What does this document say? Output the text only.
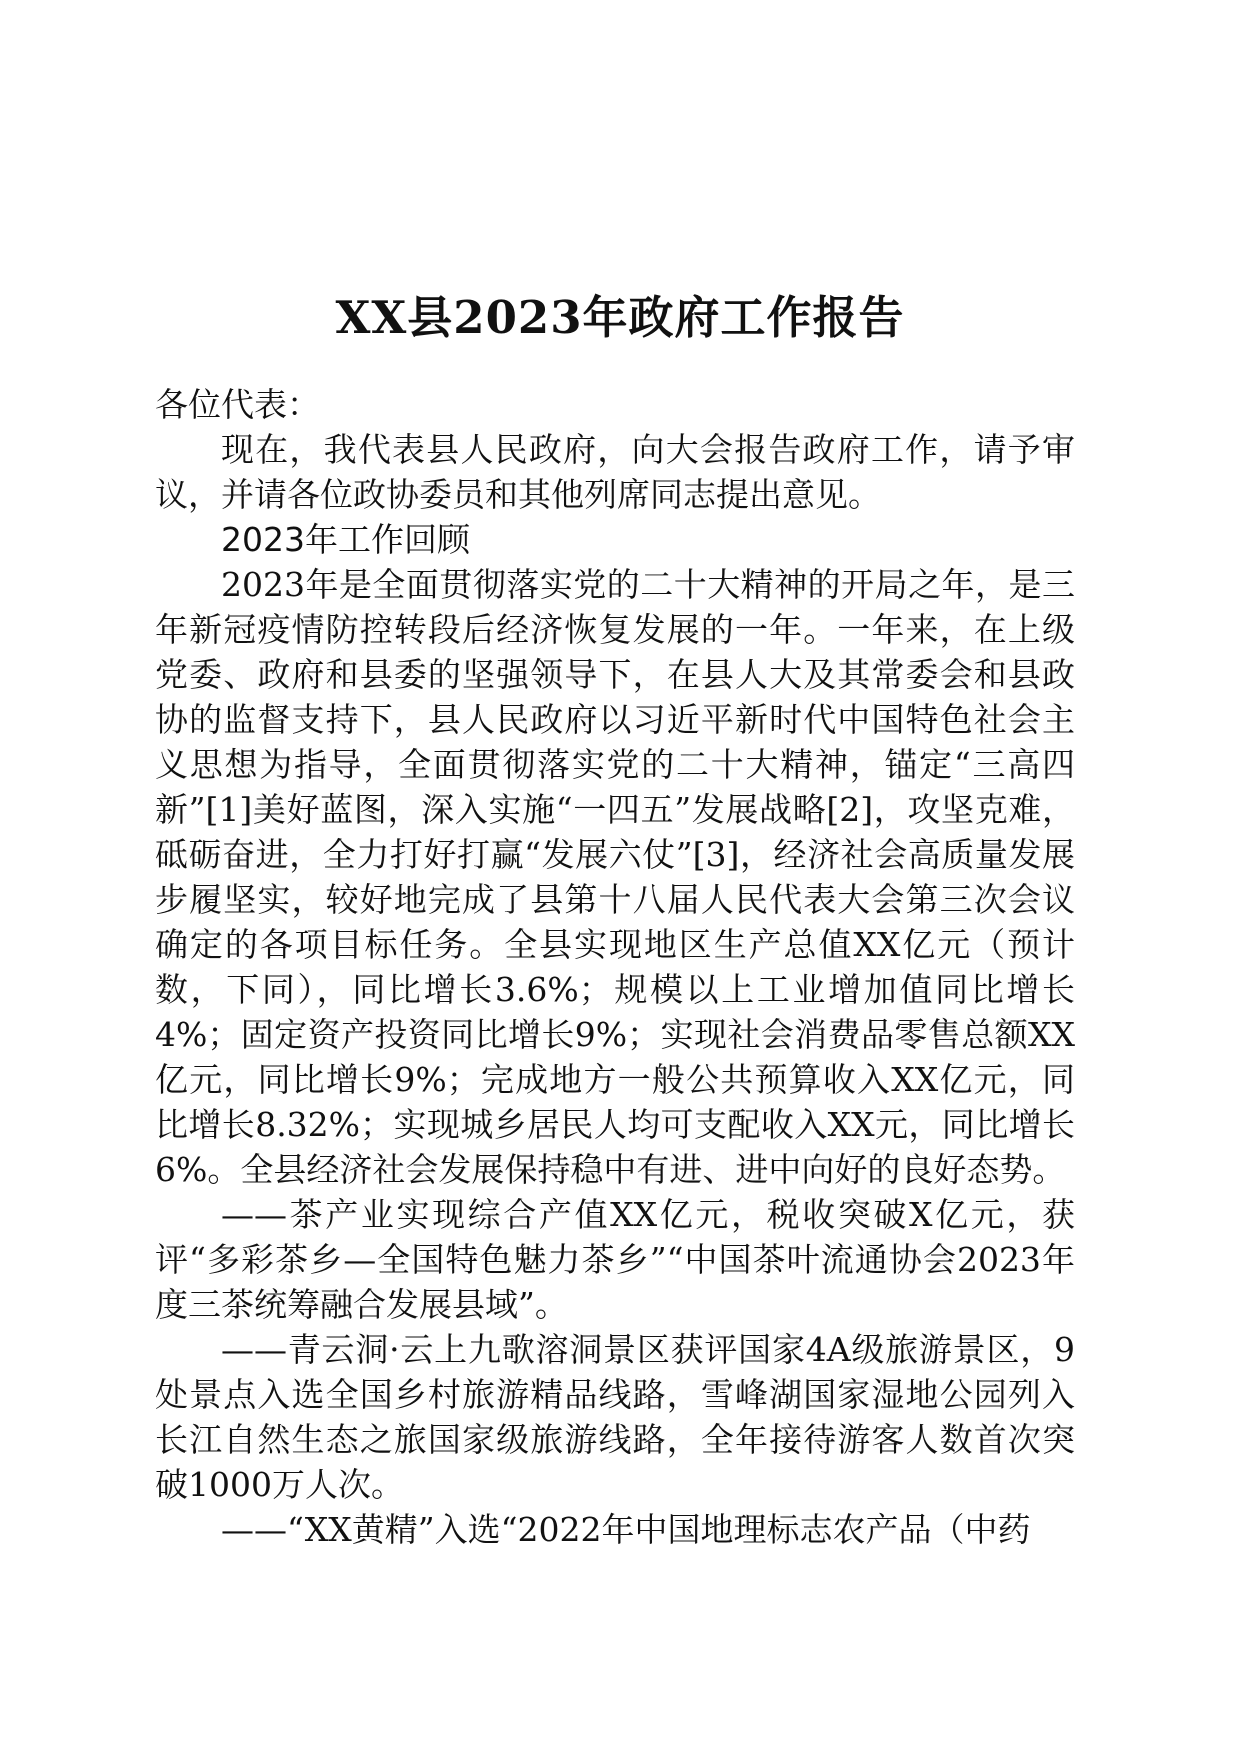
XX县2023年政府工作报告

各位代表：

现在，我代表县人民政府，向大会报告政府工作，请予审议，并请各位政协委员和其他列席同志提出意见。

2023年工作回顾

2023年是全面贯彻落实党的二十大精神的开局之年，是三年新冠疫情防控转段后经济恢复发展的一年。一年来，在上级党委、政府和县委的坚强领导下，在县人大及其常委会和县政协的监督支持下，县人民政府以习近平新时代中国特色社会主义思想为指导，全面贯彻落实党的二十大精神，锚定“三高四新”[1]美好蓝图，深入实施“一四五”发展战略[2]，攻坚克难，砥砺奋进，全力打好打赢“发展六仗”[3]，经济社会高质量发展步履坚实，较好地完成了县第十八届人民代表大会第三次会议确定的各项目标任务。全县实现地区生产总值XX亿元（预计数，下同），同比增长3.6%；规模以上工业增加值同比增长4%；固定资产投资同比增长9%；实现社会消费品零售总额XX亿元，同比增长9%；完成地方一般公共预算收入XX亿元，同比增长8.32%；实现城乡居民人均可支配收入XX元，同比增长6%。全县经济社会发展保持稳中有进、进中向好的良好态势。

——茶产业实现综合产值XX亿元，税收突破X亿元，获评“多彩茶乡—全国特色魅力茶乡”“中国茶叶流通协会2023年度三茶统筹融合发展县域”。

——青云洞·云上九歌溶洞景区获评国家4A级旅游景区，9处景点入选全国乡村旅游精品线路，雪峰湖国家湿地公园列入长江自然生态之旅国家级旅游线路，全年接待游客人数首次突破1000万人次。

——“XX黄精”入选“2022年中国地理标志农产品（中药
